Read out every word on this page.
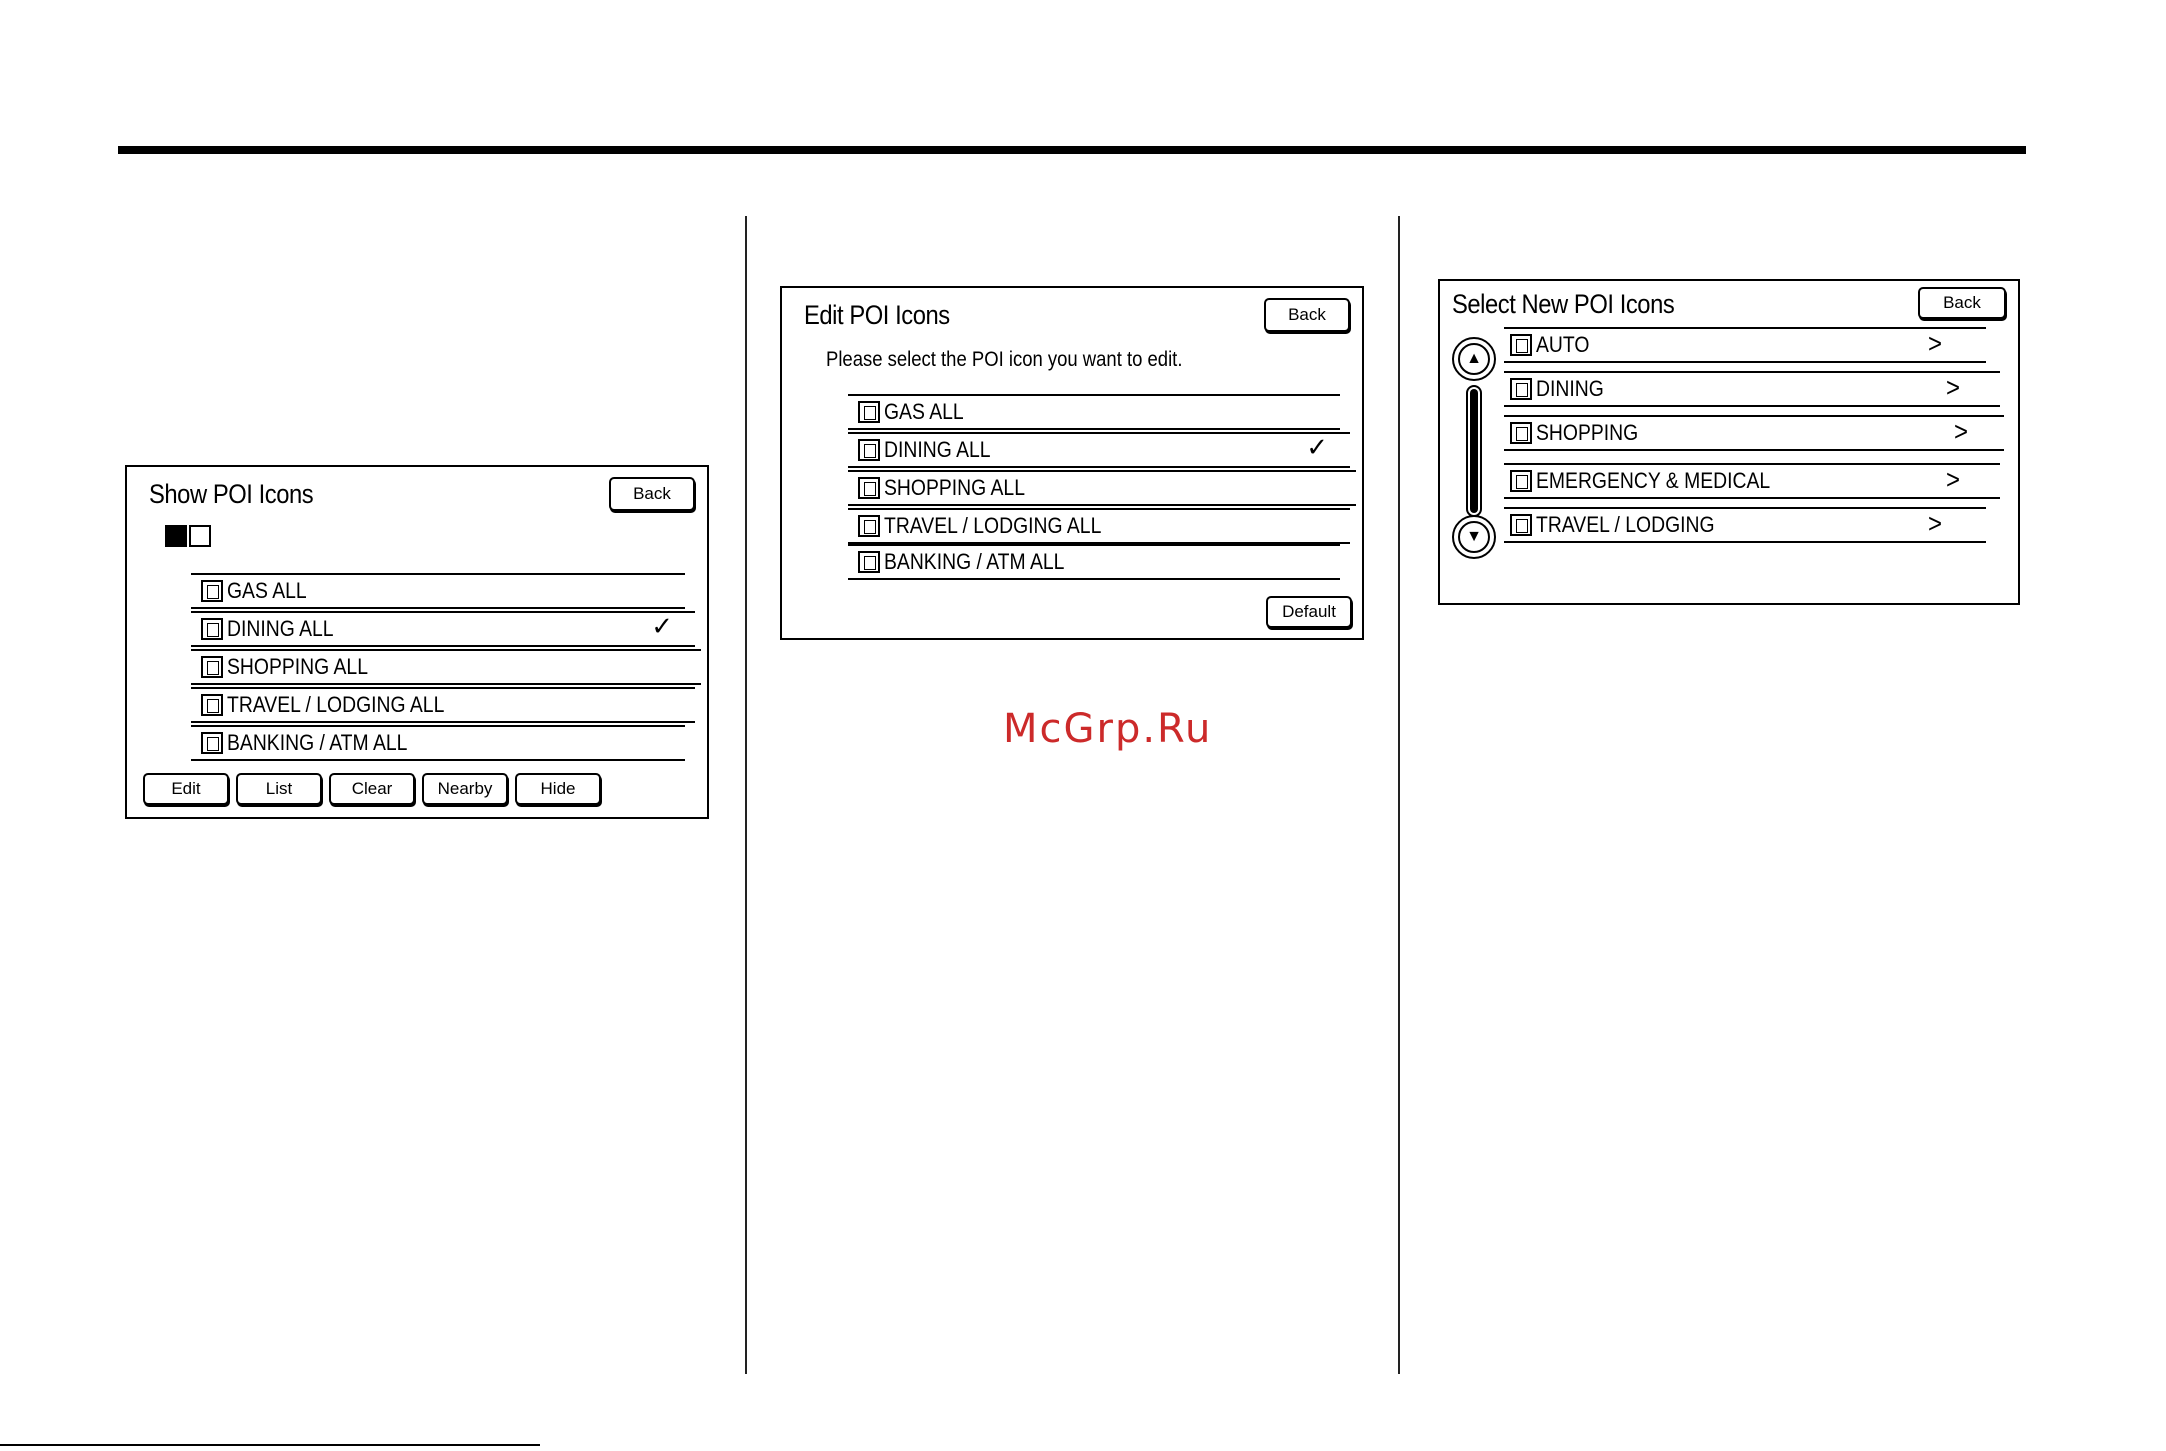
Show POI Icons	Back
GAS ALL
DINING ALL	✓
SHOPPING ALL
TRAVEL / LODGING ALL
BANKING / ATM ALL
Edit	List	Clear	Nearby	Hide
Edit POI Icons	Back
Please select the POI icon you want to edit.
GAS ALL
DINING ALL	✓
SHOPPING ALL
TRAVEL / LODGING ALL
BANKING / ATM ALL
Default
McGrp.Ru
Select New POI Icons	Back
▲
▼
AUTO	>
DINING	>
SHOPPING	>
EMERGENCY & MEDICAL	>
TRAVEL / LODGING	>
